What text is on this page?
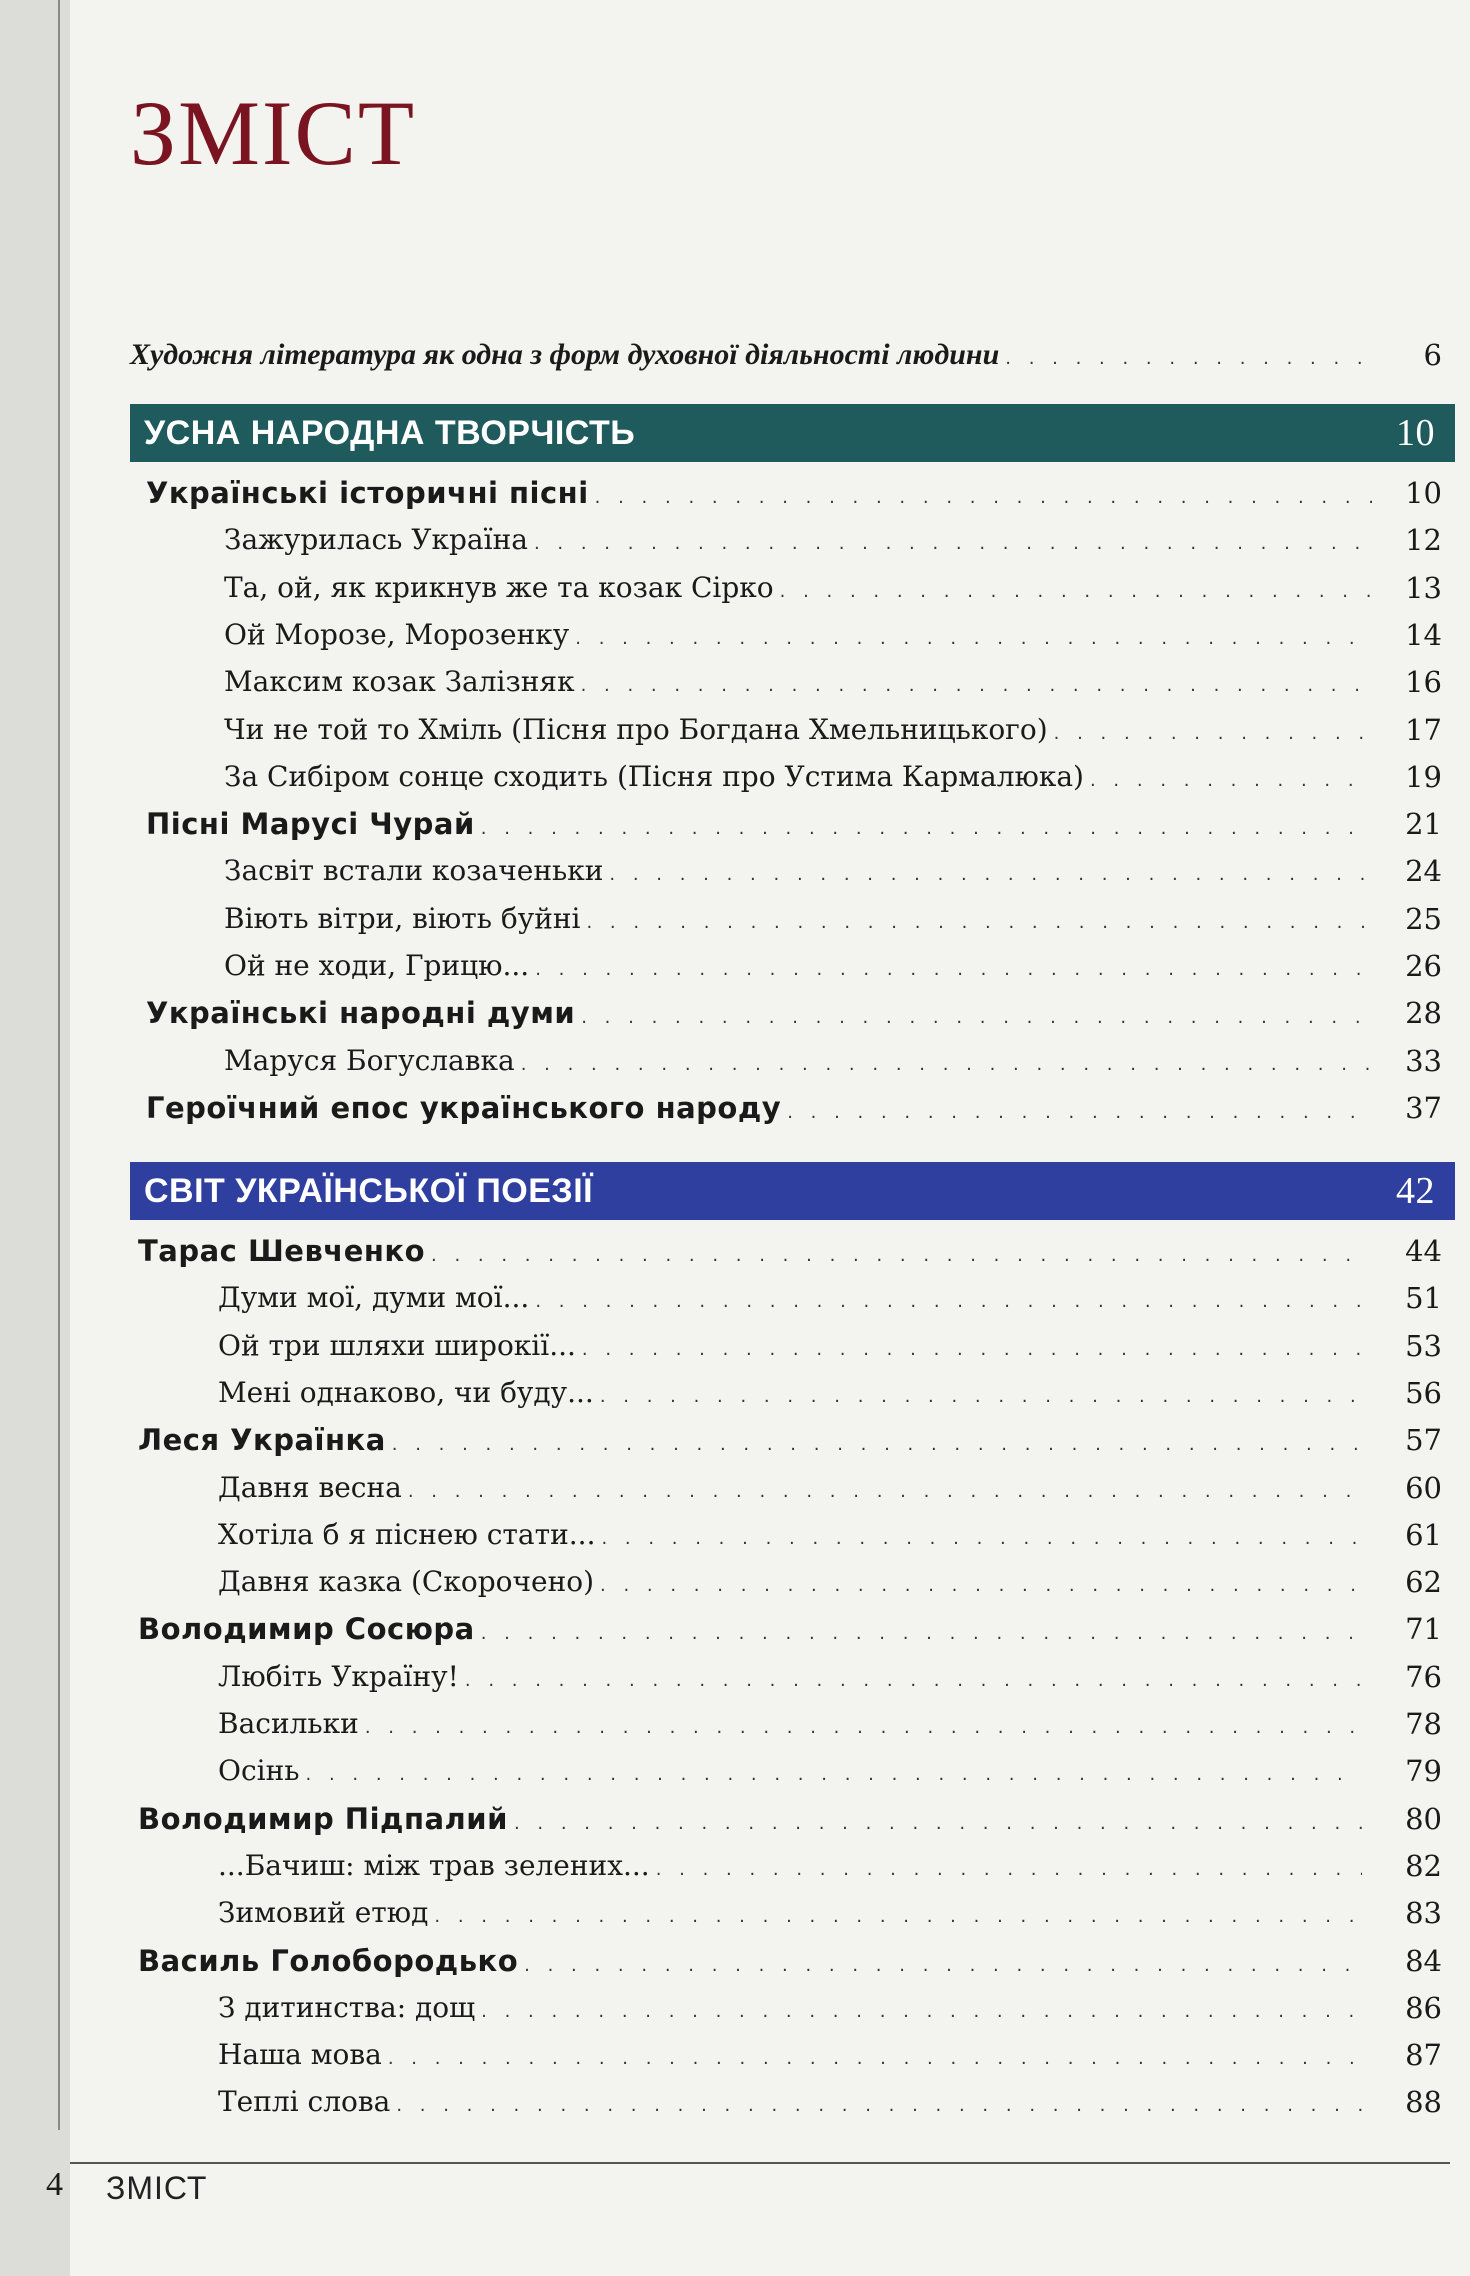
ЗМІСТ
Художня література як одна з форм духовної діяльності людини . . .	6
УСНА НАРОДНА ТВОРЧІСТЬ	10
Українські історичні пісні . . .	10
Зажурилась Україна . . .	12
Та, ой, як крикнув же та козак Сірко . . .	13
Ой Морозе, Морозенку . . .	14
Максим козак Залізняк . . .	16
Чи не той то Хміль (Пісня про Богдана Хмельницького) . . .	17
За Сибіром сонце сходить (Пісня про Устима Кармалюка) . . .	19
Пісні Марусі Чурай . . .	21
Засвіт встали козаченьки . . .	24
Віють вітри, віють буйні . . .	25
Ой не ходи, Грицю... . . .	26
Українські народні думи . . .	28
Маруся Богуславка . . .	33
Героїчний епос українського народу . . .	37
СВІТ УКРАЇНСЬКОЇ ПОЕЗІЇ	42
Тарас Шевченко . . .	44
Думи мої, думи мої... . . .	51
Ой три шляхи широкії... . . .	53
Мені однаково, чи буду... . . .	56
Леся Українка . . .	57
Давня весна . . .	60
Хотіла б я піснею стати... . . .	61
Давня казка (Скорочено) . . .	62
Володимир Сосюра . . .	71
Любіть Україну! . . .	76
Васильки . . .	78
Осінь . . .	79
Володимир Підпалий . . .	80
...Бачиш: між трав зелених... . . .	82
Зимовий етюд . . .	83
Василь Голобородько . . .	84
З дитинства: дощ . . .	86
Наша мова . . .	87
Теплі слова . . .	88
4 ЗМІСТ
